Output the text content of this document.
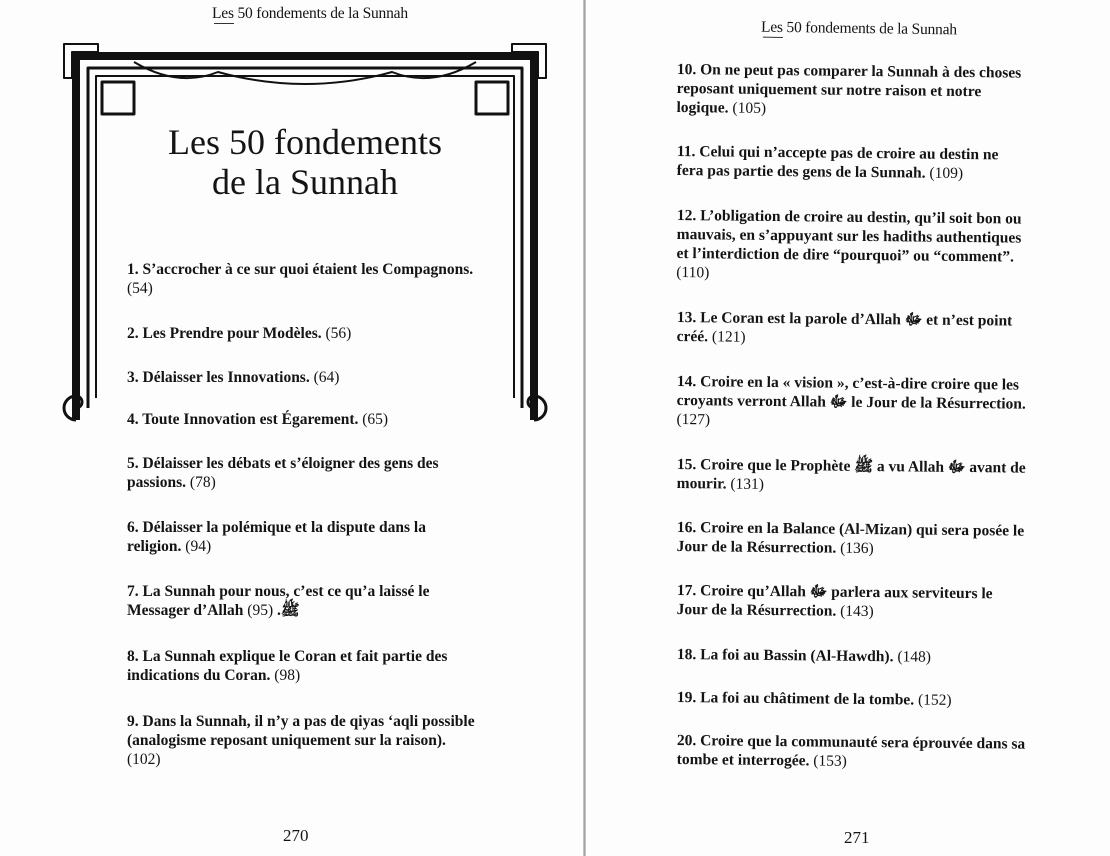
Les 50 fondements de la Sunnah
Les 50 fondements
de la Sunnah
1. S’accrocher à ce sur quoi étaient les Compagnons. (54)
2. Les Prendre pour Modèles. (56)
3. Délaisser les Innovations. (64)
4. Toute Innovation est Égarement. (65)
5. Délaisser les débats et s’éloigner des gens des passions. (78)
6. Délaisser la polémique et la dispute dans la religion. (94)
7. La Sunnah pour nous, c’est ce qu’a laissé le Messager d’Allah ﷺ. (95)
8. La Sunnah explique le Coran et fait partie des indications du Coran. (98)
9. Dans la Sunnah, il n’y a pas de qiyas ‘aqli possible (analogisme reposant uniquement sur la raison). (102)
270
Les 50 fondements de la Sunnah
10. On ne peut pas comparer la Sunnah à des choses reposant uniquement sur notre raison et notre logique. (105)
11. Celui qui n’accepte pas de croire au destin ne fera pas partie des gens de la Sunnah. (109)
12. L’obligation de croire au destin, qu’il soit bon ou mauvais, en s’appuyant sur les hadiths authentiques et l’interdiction de dire “pourquoi” ou “comment”. (110)
13. Le Coran est la parole d’Allah ﷻ et n’est point créé. (121)
14. Croire en la « vision », c’est-à-dire croire que les croyants verront Allah ﷻ le Jour de la Résurrection. (127)
15. Croire que le Prophète ﷺ a vu Allah ﷻ avant de mourir. (131)
16. Croire en la Balance (Al-Mizan) qui sera posée le Jour de la Résurrection. (136)
17. Croire qu’Allah ﷻ parlera aux serviteurs le Jour de la Résurrection. (143)
18. La foi au Bassin (Al-Hawdh). (148)
19. La foi au châtiment de la tombe. (152)
20. Croire que la communauté sera éprouvée dans sa tombe et interrogée. (153)
271
